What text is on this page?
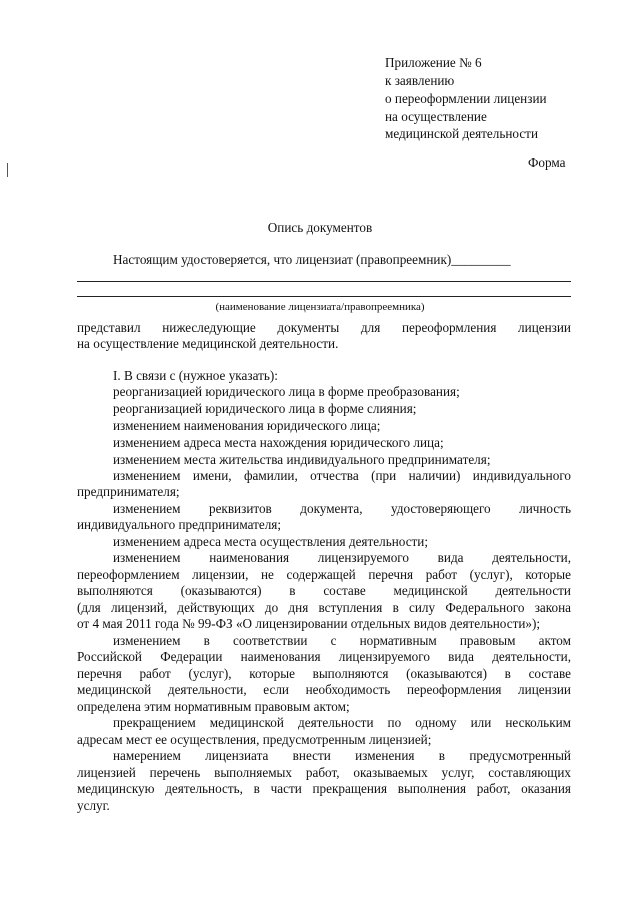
Приложение № 6
к заявлению
о переоформлении лицензии
на осуществление
медицинской деятельности
Форма
Опись документов
Настоящим удостоверяется, что лицензиат (правопреемник)_________
(наименование лицензиата/правопреемника)
представил нижеследующие документы для переоформления лицензии
на осуществление медицинской деятельности.
I. В связи с (нужное указать):
реорганизацией юридического лица в форме преобразования;
реорганизацией юридического лица в форме слияния;
изменением наименования юридического лица;
изменением адреса места нахождения юридического лица;
изменением места жительства индивидуального предпринимателя;
изменением имени, фамилии, отчества (при наличии) индивидуального
предпринимателя;
изменением реквизитов документа, удостоверяющего личность
индивидуального предпринимателя;
изменением адреса места осуществления деятельности;
изменением наименования лицензируемого вида деятельности,
переоформлением лицензии, не содержащей перечня работ (услуг), которые
выполняются (оказываются) в составе медицинской деятельности
(для лицензий, действующих до дня вступления в силу Федерального закона
от 4 мая 2011 года № 99-ФЗ «О лицензировании отдельных видов деятельности»);
изменением в соответствии с нормативным правовым актом
Российской Федерации наименования лицензируемого вида деятельности,
перечня работ (услуг), которые выполняются (оказываются) в составе
медицинской деятельности, если необходимость переоформления лицензии
определена этим нормативным правовым актом;
прекращением медицинской деятельности по одному или нескольким
адресам мест ее осуществления, предусмотренным лицензией;
намерением лицензиата внести изменения в предусмотренный
лицензией перечень выполняемых работ, оказываемых услуг, составляющих
медицинскую деятельность, в части прекращения выполнения работ, оказания
услуг.
